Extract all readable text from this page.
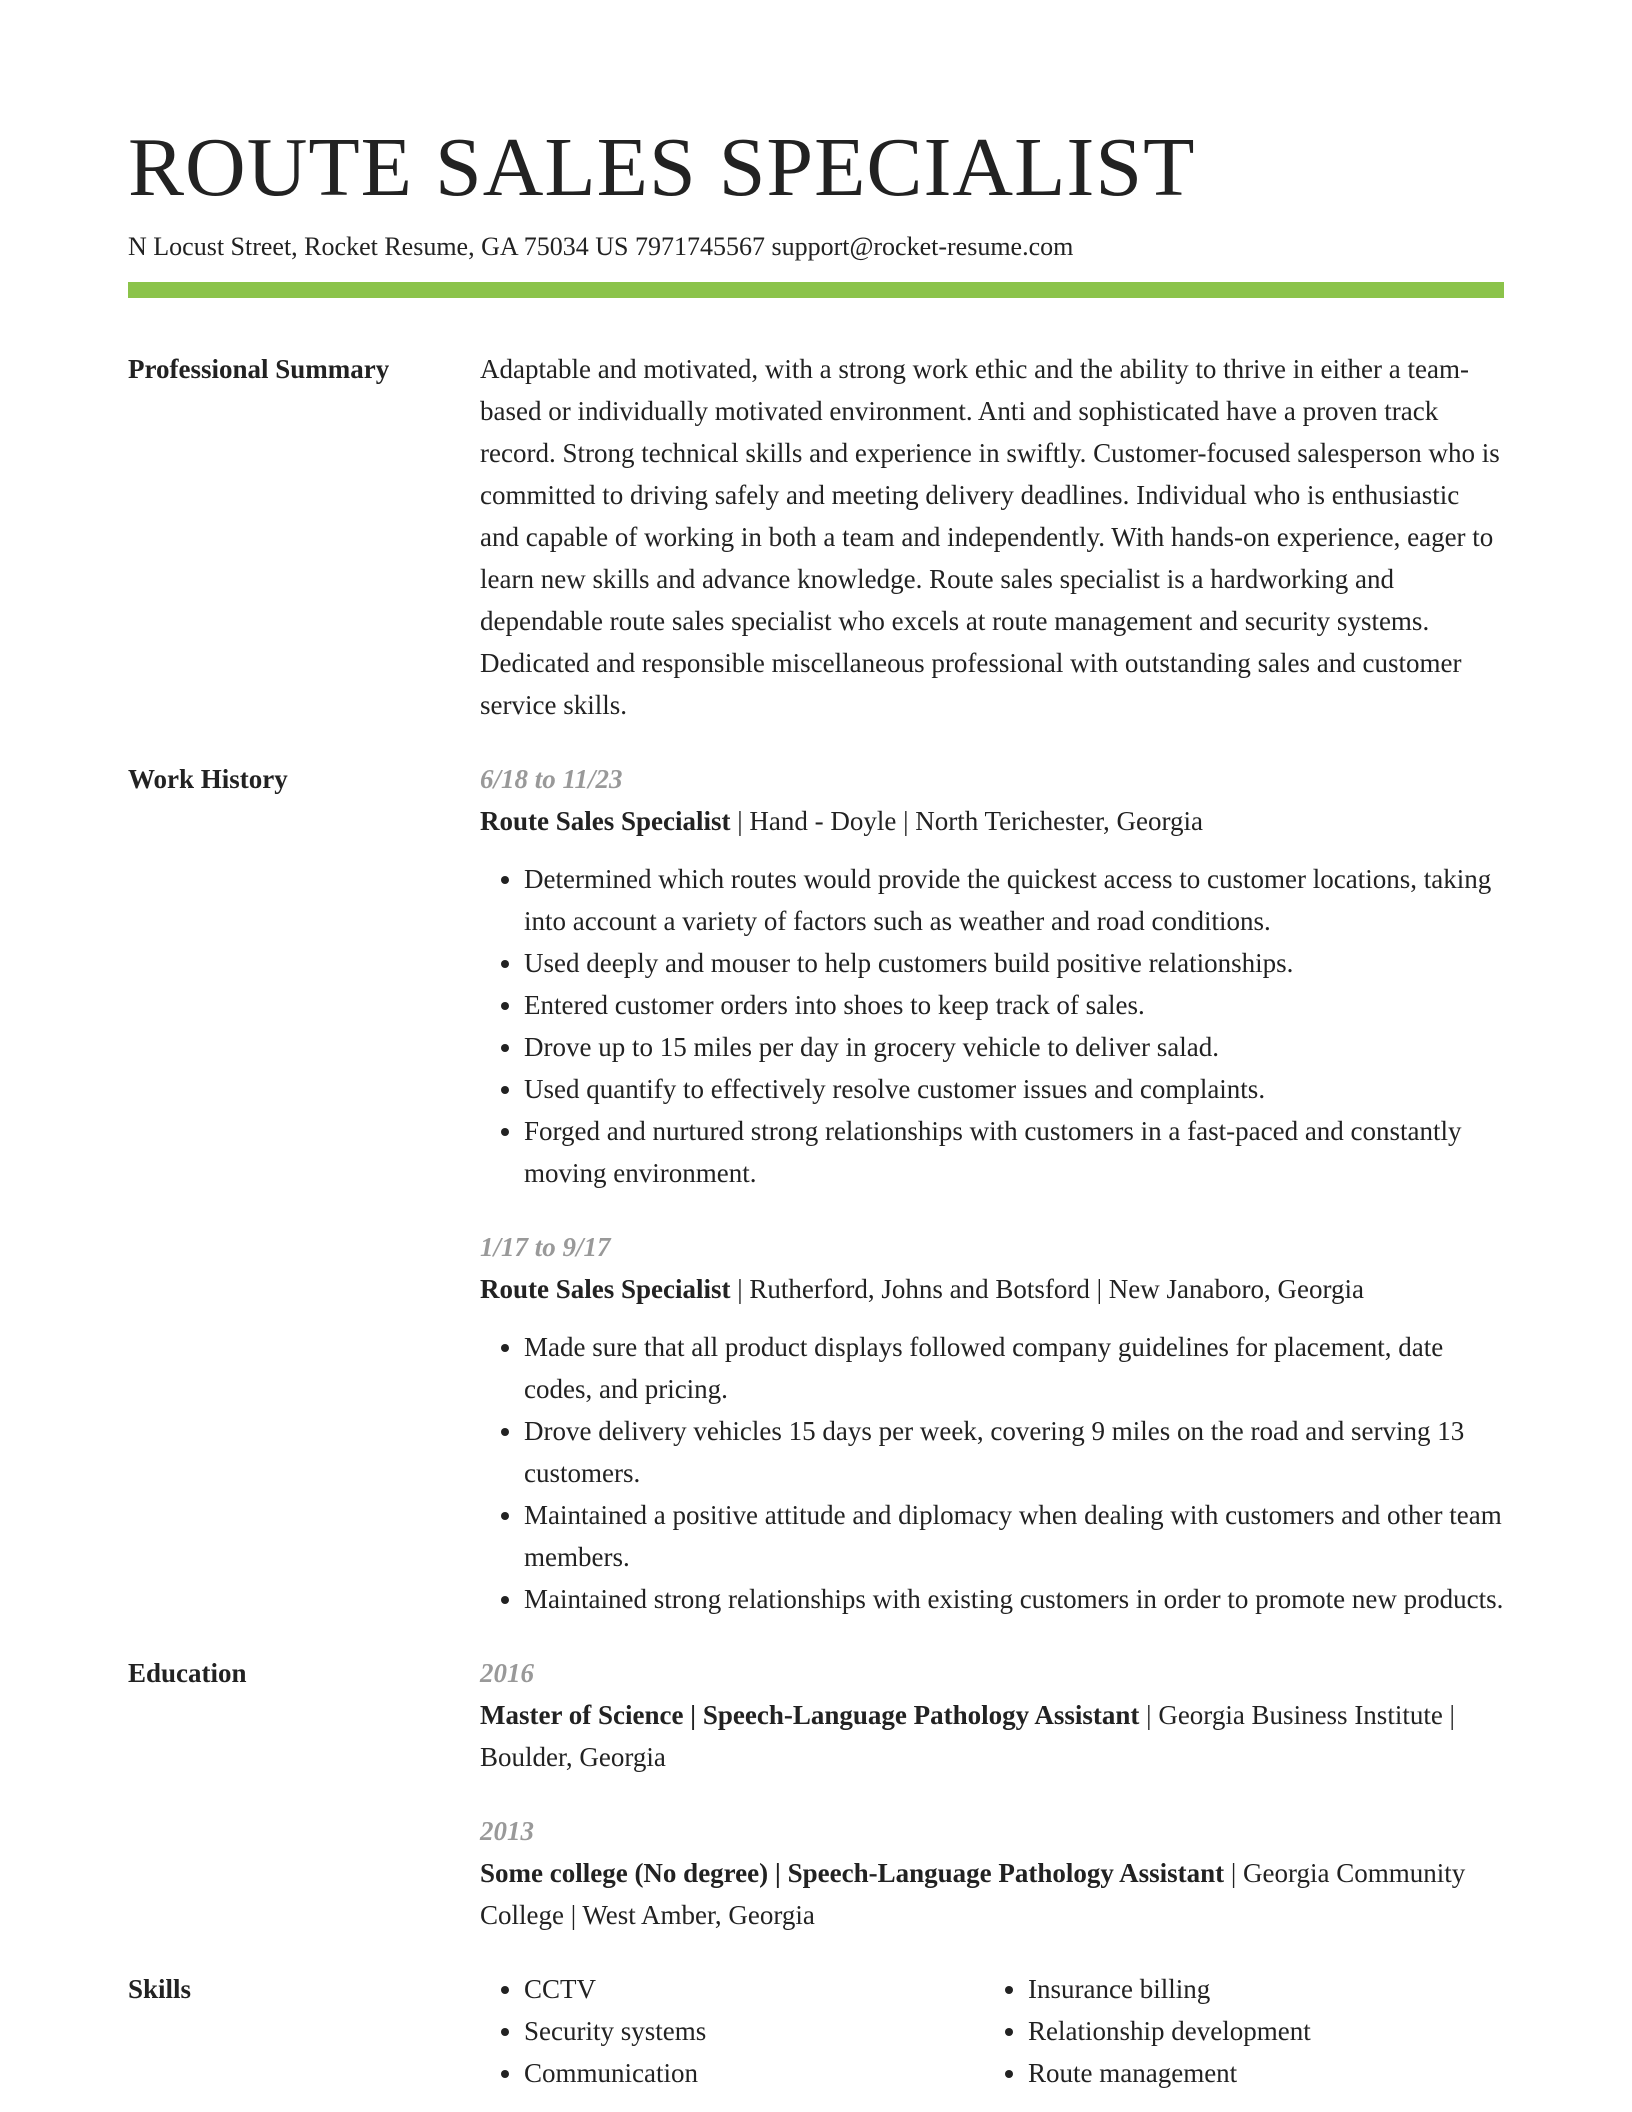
ROUTE SALES SPECIALIST
N Locust Street, Rocket Resume, GA 75034 US 7971745567 support@rocket-resume.com
Professional Summary	Adaptable and motivated, with a strong work ethic and the ability to thrive in either a team-based or individually motivated environment. Anti and sophisticated have a proven track record. Strong technical skills and experience in swiftly. Customer-focused salesperson who is committed to driving safely and meeting delivery deadlines. Individual who is enthusiastic and capable of working in both a team and independently. With hands-on experience, eager to learn new skills and advance knowledge. Route sales specialist is a hardworking and dependable route sales specialist who excels at route management and security systems. Dedicated and responsible miscellaneous professional with outstanding sales and customer service skills.

Work History	6/18 to 11/23

Route Sales Specialist | Hand - Doyle | North Terichester, Georgia

• Determined which routes would provide the quickest access to customer locations, taking into account a variety of factors such as weather and road conditions.
• Used deeply and mouser to help customers build positive relationships.
• Entered customer orders into shoes to keep track of sales.
• Drove up to 15 miles per day in grocery vehicle to deliver salad.
• Used quantify to effectively resolve customer issues and complaints.
• Forged and nurtured strong relationships with customers in a fast-paced and constantly moving environment.
1/17 to 9/17

Route Sales Specialist | Rutherford, Johns and Botsford | New Janaboro, Georgia

• Made sure that all product displays followed company guidelines for placement, date codes, and pricing.
• Drove delivery vehicles 15 days per week, covering 9 miles on the road and serving 13 customers.
• Maintained a positive attitude and diplomacy when dealing with customers and other team members.
• Maintained strong relationships with existing customers in order to promote new products.
Education	2016

Master of Science | Speech-Language Pathology Assistant | Georgia Business Institute | Boulder, Georgia

2013

Some college (No degree) | Speech-Language Pathology Assistant | Georgia Community College | West Amber, Georgia

Skills
•	CCTV
• Security systems
• Communication
• Insurance billing
• Relationship development
• Route management
